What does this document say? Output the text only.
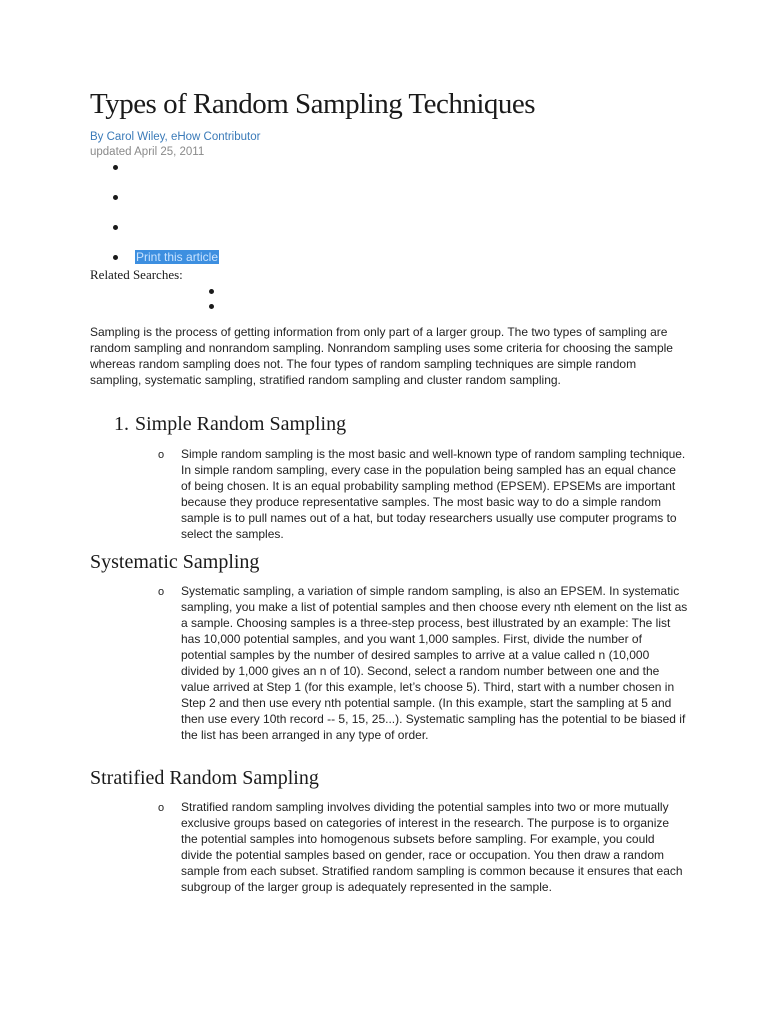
Types of Random Sampling Techniques
By Carol Wiley, eHow Contributor
updated April 25, 2011
Print this article
Related Searches:

Sampling is the process of getting information from only part of a larger group. The two types of sampling are random sampling and nonrandom sampling. Nonrandom sampling uses some criteria for choosing the sample whereas random sampling does not. The four types of random sampling techniques are simple random sampling, systematic sampling, stratified random sampling and cluster random sampling.

1. Simple Random Sampling
o Simple random sampling is the most basic and well-known type of random sampling technique. In simple random sampling, every case in the population being sampled has an equal chance of being chosen. It is an equal probability sampling method (EPSEM). EPSEMs are important because they produce representative samples. The most basic way to do a simple random sample is to pull names out of a hat, but today researchers usually use computer programs to select the samples.

Systematic Sampling
o Systematic sampling, a variation of simple random sampling, is also an EPSEM. In systematic sampling, you make a list of potential samples and then choose every nth element on the list as a sample. Choosing samples is a three-step process, best illustrated by an example: The list has 10,000 potential samples, and you want 1,000 samples. First, divide the number of potential samples by the number of desired samples to arrive at a value called n (10,000 divided by 1,000 gives an n of 10). Second, select a random number between one and the value arrived at Step 1 (for this example, let’s choose 5). Third, start with a number chosen in Step 2 and then use every nth potential sample. (In this example, start the sampling at 5 and then use every 10th record -- 5, 15, 25...). Systematic sampling has the potential to be biased if the list has been arranged in any type of order.

Stratified Random Sampling
o Stratified random sampling involves dividing the potential samples into two or more mutually exclusive groups based on categories of interest in the research. The purpose is to organize the potential samples into homogenous subsets before sampling. For example, you could divide the potential samples based on gender, race or occupation. You then draw a random sample from each subset. Stratified random sampling is common because it ensures that each subgroup of the larger group is adequately represented in the sample.
